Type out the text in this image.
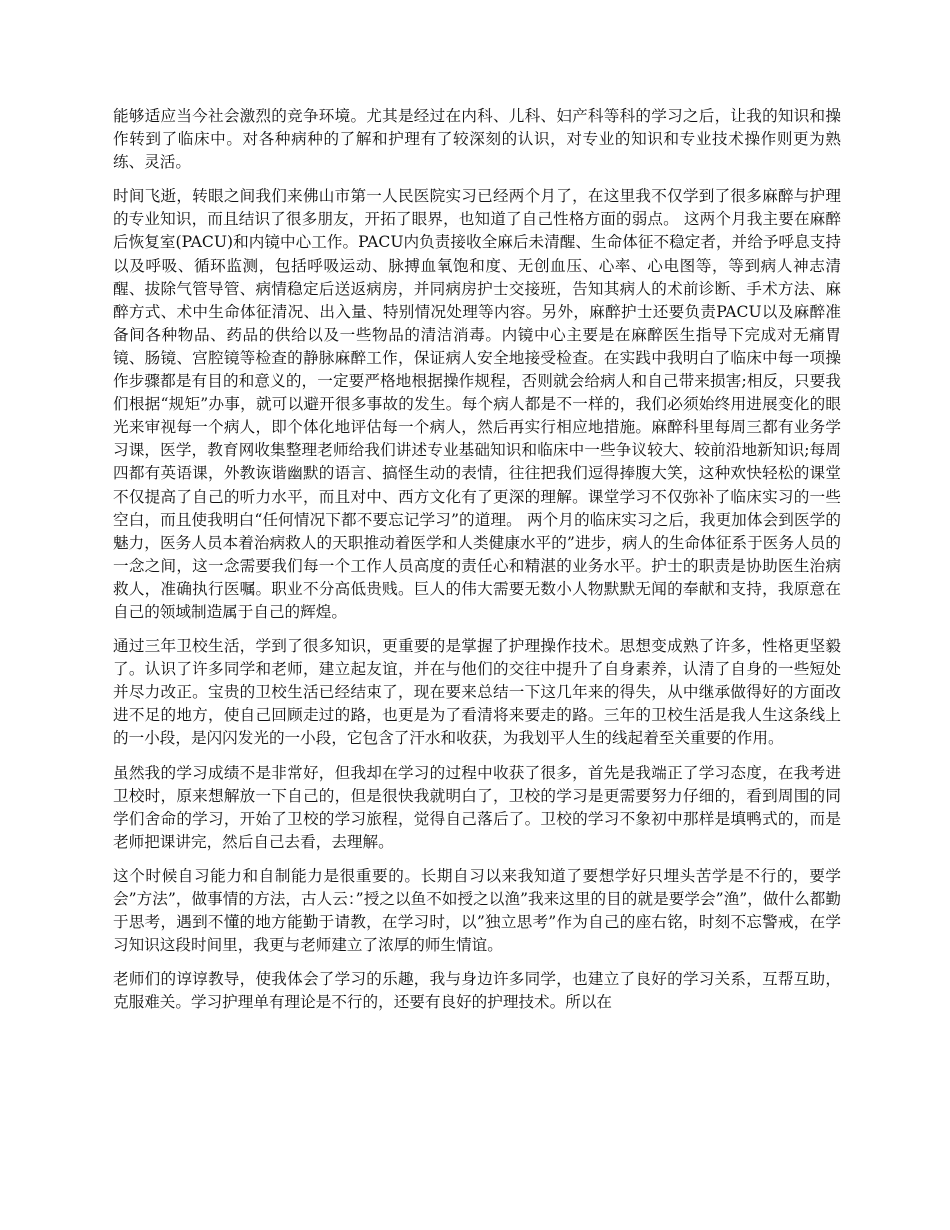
能够适应当今社会激烈的竞争环境。尤其是经过在内科、儿科、妇产科等科的学习之后，让我的知识和操作转到了临床中。对各种病种的了解和护理有了较深刻的认识，对专业的知识和专业技术操作则更为熟练、灵活。

时间飞逝，转眼之间我们来佛山市第一人民医院实习已经两个月了，在这里我不仅学到了很多麻醉与护理的专业知识，而且结识了很多朋友，开拓了眼界，也知道了自己性格方面的弱点。 这两个月我主要在麻醉后恢复室(PACU)和内镜中心工作。PACU内负责接收全麻后未清醒、生命体征不稳定者，并给予呼息支持以及呼吸、循环监测，包括呼吸运动、脉搏血氧饱和度、无创血压、心率、心电图等，等到病人神志清醒、拔除气管导管、病情稳定后送返病房，并同病房护士交接班，告知其病人的术前诊断、手术方法、麻醉方式、术中生命体征清况、出入量、特别情况处理等内容。另外，麻醉护士还要负责PACU以及麻醉准备间各种物品、药品的供给以及一些物品的清洁消毒。内镜中心主要是在麻醉医生指导下完成对无痛胃镜、肠镜、宫腔镜等检查的静脉麻醉工作，保证病人安全地接受检查。在实践中我明白了临床中每一项操作步骤都是有目的和意义的，一定要严格地根据操作规程，否则就会给病人和自己带来损害;相反，只要我们根据“规矩”办事，就可以避开很多事故的发生。每个病人都是不一样的，我们必须始终用进展变化的眼光来审视每一个病人，即个体化地评估每一个病人，然后再实行相应地措施。麻醉科里每周三都有业务学习课，医学，教育网收集整理老师给我们讲述专业基础知识和临床中一些争议较大、较前沿地新知识;每周四都有英语课，外教诙谐幽默的语言、搞怪生动的表情，往往把我们逗得捧腹大笑，这种欢快轻松的课堂不仅提高了自己的听力水平，而且对中、西方文化有了更深的理解。课堂学习不仅弥补了临床实习的一些空白，而且使我明白“任何情况下都不要忘记学习”的道理。 两个月的临床实习之后，我更加体会到医学的魅力，医务人员本着治病救人的天职推动着医学和人类健康水平的”进步，病人的生命体征系于医务人员的一念之间，这一念需要我们每一个工作人员高度的责任心和精湛的业务水平。护士的职责是协助医生治病救人，准确执行医嘱。职业不分高低贵贱。巨人的伟大需要无数小人物默默无闻的奉献和支持，我原意在自己的领域制造属于自己的辉煌。

通过三年卫校生活，学到了很多知识，更重要的是掌握了护理操作技术。思想变成熟了许多，性格更坚毅了。认识了许多同学和老师，建立起友谊，并在与他们的交往中提升了自身素养，认清了自身的一些短处并尽力改正。宝贵的卫校生活已经结束了，现在要来总结一下这几年来的得失，从中继承做得好的方面改进不足的地方，使自己回顾走过的路，也更是为了看清将来要走的路。三年的卫校生活是我人生这条线上的一小段，是闪闪发光的一小段，它包含了汗水和收获，为我划平人生的线起着至关重要的作用。

虽然我的学习成绩不是非常好，但我却在学习的过程中收获了很多，首先是我端正了学习态度，在我考进卫校时，原来想解放一下自己的，但是很快我就明白了，卫校的学习是更需要努力仔细的，看到周围的同学们舍命的学习，开始了卫校的学习旅程，觉得自己落后了。卫校的学习不象初中那样是填鸭式的，而是老师把课讲完，然后自己去看，去理解。

这个时候自习能力和自制能力是很重要的。长期自习以来我知道了要想学好只埋头苦学是不行的，要学会”方法”，做事情的方法，古人云：”授之以鱼不如授之以渔”我来这里的目的就是要学会”渔”，做什么都勤于思考，遇到不懂的地方能勤于请教，在学习时，以”独立思考”作为自己的座右铭，时刻不忘警戒，在学习知识这段时间里，我更与老师建立了浓厚的师生情谊。

老师们的谆谆教导，使我体会了学习的乐趣，我与身边许多同学，也建立了良好的学习关系，互帮互助，克服难关。学习护理单有理论是不行的，还要有良好的护理技术。所以在
